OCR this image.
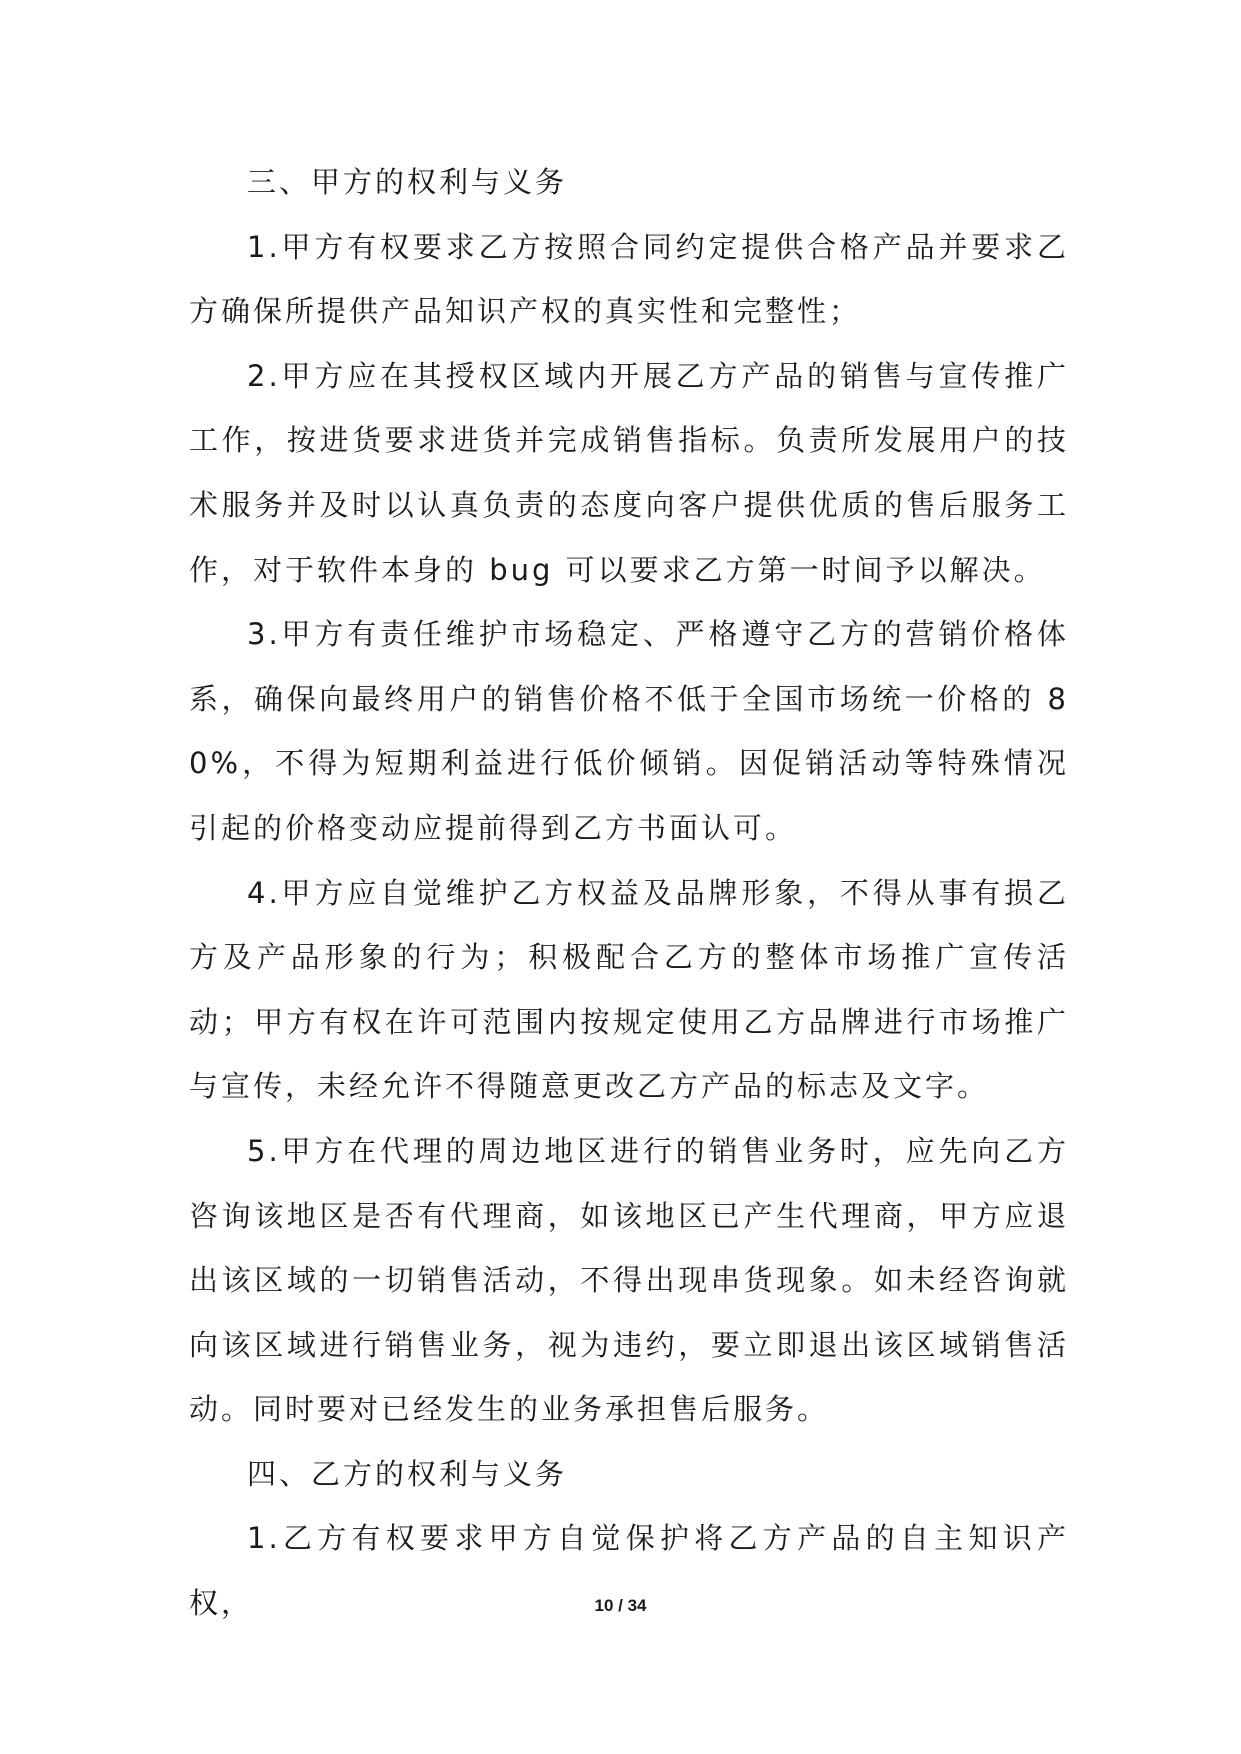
三、甲方的权利与义务

1.甲方有权要求乙方按照合同约定提供合格产品并要求乙方确保所提供产品知识产权的真实性和完整性；

2.甲方应在其授权区域内开展乙方产品的销售与宣传推广工作，按进货要求进货并完成销售指标。负责所发展用户的技术服务并及时以认真负责的态度向客户提供优质的售后服务工作，对于软件本身的 bug 可以要求乙方第一时间予以解决。

3.甲方有责任维护市场稳定、严格遵守乙方的营销价格体系，确保向最终用户的销售价格不低于全国市场统一价格的 80%，不得为短期利益进行低价倾销。因促销活动等特殊情况引起的价格变动应提前得到乙方书面认可。

4.甲方应自觉维护乙方权益及品牌形象，不得从事有损乙方及产品形象的行为；积极配合乙方的整体市场推广宣传活动；甲方有权在许可范围内按规定使用乙方品牌进行市场推广与宣传，未经允许不得随意更改乙方产品的标志及文字。

5.甲方在代理的周边地区进行的销售业务时，应先向乙方咨询该地区是否有代理商，如该地区已产生代理商，甲方应退出该区域的一切销售活动，不得出现串货现象。如未经咨询就向该区域进行销售业务，视为违约，要立即退出该区域销售活动。同时要对已经发生的业务承担售后服务。

四、乙方的权利与义务

1.乙方有权要求甲方自觉保护将乙方产品的自主知识产权，	10 / 34
